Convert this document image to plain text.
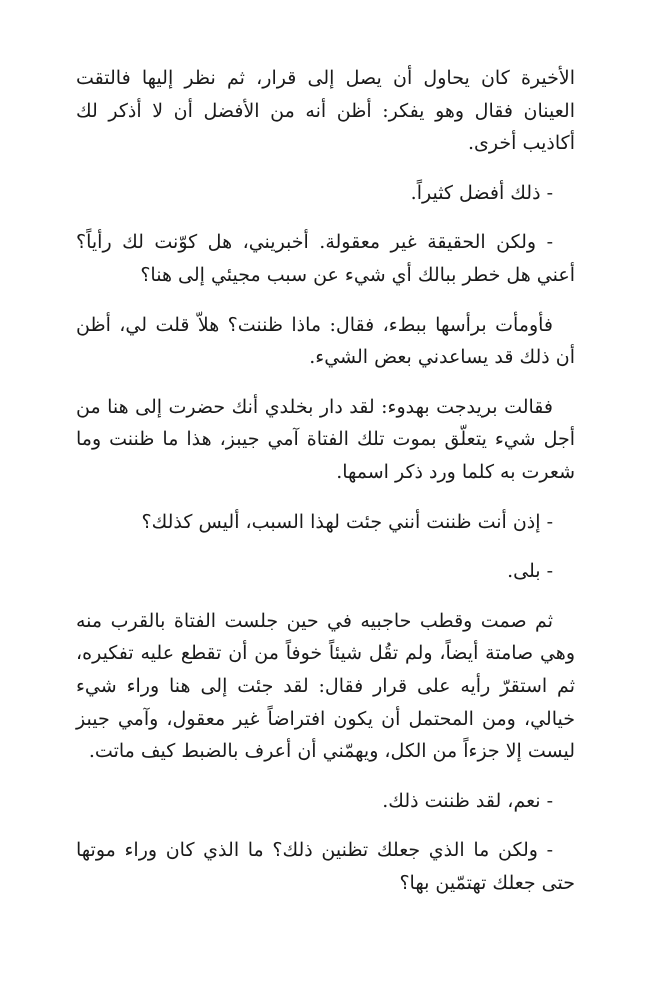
الأخيرة كان يحاول أن يصل إلى قرار، ثم نظر إليها فالتقت العينان فقال وهو يفكر: أظن أنه من الأفضل أن لا أذكر لك أكاذيب أخرى.

- ذلك أفضل كثيراً.

- ولكن الحقيقة غير معقولة. أخبريني، هل كوّنت لك رأياً؟ أعني هل خطر ببالك أي شيء عن سبب مجيئي إلى هنا؟

فأومأت برأسها ببطء، فقال: ماذا ظننت؟ هلاّ قلت لي، أظن أن ذلك قد يساعدني بعض الشيء.

فقالت بريدجت بهدوء: لقد دار بخلدي أنك حضرت إلى هنا من أجل شيء يتعلّق بموت تلك الفتاة آمي جيبز، هذا ما ظننت وما شعرت به كلما ورد ذكر اسمها.

- إذن أنت ظننت أنني جئت لهذا السبب، أليس كذلك؟

- بلى.

ثم صمت وقطب حاجبيه في حين جلست الفتاة بالقرب منه وهي صامتة أيضاً، ولم تقُل شيئاً خوفاً من أن تقطع عليه تفكيره، ثم استقرّ رأيه على قرار فقال: لقد جئت إلى هنا وراء شيء خيالي، ومن المحتمل أن يكون افتراضاً غير معقول، وآمي جيبز ليست إلا جزءاً من الكل، ويهمّني أن أعرف بالضبط كيف ماتت.

- نعم، لقد ظننت ذلك.

- ولكن ما الذي جعلك تظنين ذلك؟ ما الذي كان وراء موتها حتى جعلك تهتمّين بها؟
